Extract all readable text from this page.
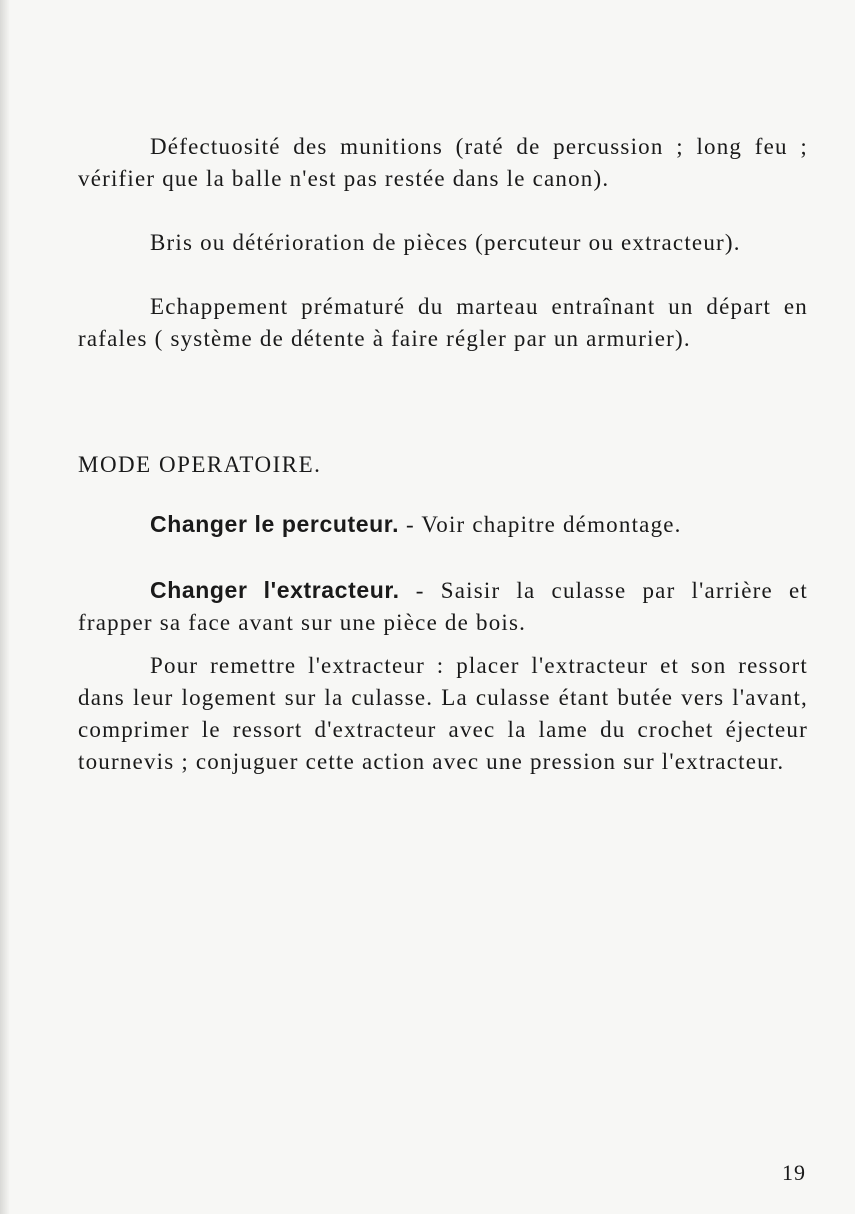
Défectuosité des munitions (raté de percussion ; long feu ; vérifier que la balle n'est pas restée dans le canon).

Bris ou détérioration de pièces (percuteur ou extracteur).

Echappement prématuré du marteau entraînant un départ en rafales ( système de détente à faire régler par un armurier).

MODE OPERATOIRE.

Changer le percuteur. - Voir chapitre démontage.

Changer l'extracteur. - Saisir la culasse par l'arrière et frapper sa face avant sur une pièce de bois.

Pour remettre l'extracteur : placer l'extracteur et son ressort dans leur logement sur la culasse. La culasse étant butée vers l'avant, comprimer le ressort d'extracteur avec la lame du crochet éjecteur tournevis ; conjuguer cette action avec une pression sur l'extracteur.

19
